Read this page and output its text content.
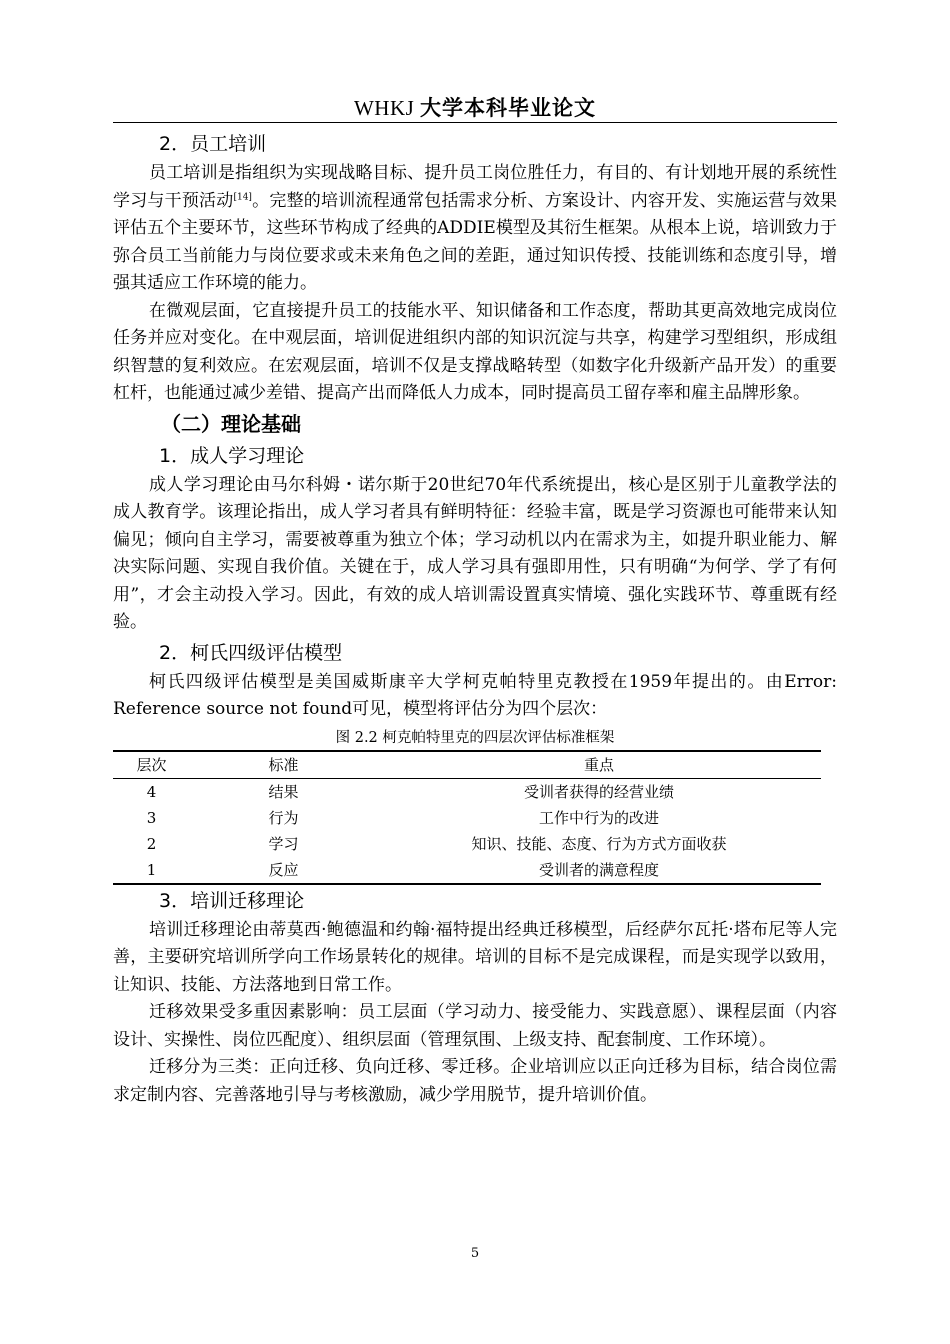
WHKJ 大学本科毕业论文

2．员工培训

员工培训是指组织为实现战略目标、提升员工岗位胜任力，有目的、有计划地开展的系统性学习与干预活动[14]。完整的培训流程通常包括需求分析、方案设计、内容开发、实施运营与效果评估五个主要环节，这些环节构成了经典的ADDIE模型及其衍生框架。从根本上说，培训致力于弥合员工当前能力与岗位要求或未来角色之间的差距，通过知识传授、技能训练和态度引导，增强其适应工作环境的能力。

在微观层面，它直接提升员工的技能水平、知识储备和工作态度，帮助其更高效地完成岗位任务并应对变化。在中观层面，培训促进组织内部的知识沉淀与共享，构建学习型组织，形成组织智慧的复利效应。在宏观层面，培训不仅是支撑战略转型（如数字化升级新产品开发）的重要杠杆，也能通过减少差错、提高产出而降低人力成本，同时提高员工留存率和雇主品牌形象。

（二）理论基础

1．成人学习理论

成人学习理论由马尔科姆・诺尔斯于20世纪70年代系统提出，核心是区别于儿童教学法的成人教育学。该理论指出，成人学习者具有鲜明特征：经验丰富，既是学习资源也可能带来认知偏见；倾向自主学习，需要被尊重为独立个体；学习动机以内在需求为主，如提升职业能力、解决实际问题、实现自我价值。关键在于，成人学习具有强即用性，只有明确“为何学、学了有何用”，才会主动投入学习。因此，有效的成人培训需设置真实情境、强化实践环节、尊重既有经验。

2．柯氏四级评估模型

柯氏四级评估模型是美国威斯康辛大学柯克帕特里克教授在1959年提出的。由Error: Reference source not found可见，模型将评估分为四个层次：

图 2.2 柯克帕特里克的四层次评估标准框架

层次	标准	重点
4	结果	受训者获得的经营业绩
3	行为	工作中行为的改进
2	学习	知识、技能、态度、行为方式方面收获
1	反应	受训者的满意程度

3．培训迁移理论

培训迁移理论由蒂莫西·鲍德温和约翰·福特提出经典迁移模型，后经萨尔瓦托·塔布尼等人完善，主要研究培训所学向工作场景转化的规律。培训的目标不是完成课程，而是实现学以致用，让知识、技能、方法落地到日常工作。

迁移效果受多重因素影响：员工层面（学习动力、接受能力、实践意愿）、课程层面（内容设计、实操性、岗位匹配度）、组织层面（管理氛围、上级支持、配套制度、工作环境）。

迁移分为三类：正向迁移、负向迁移、零迁移。企业培训应以正向迁移为目标，结合岗位需求定制内容、完善落地引导与考核激励，减少学用脱节，提升培训价值。

5
